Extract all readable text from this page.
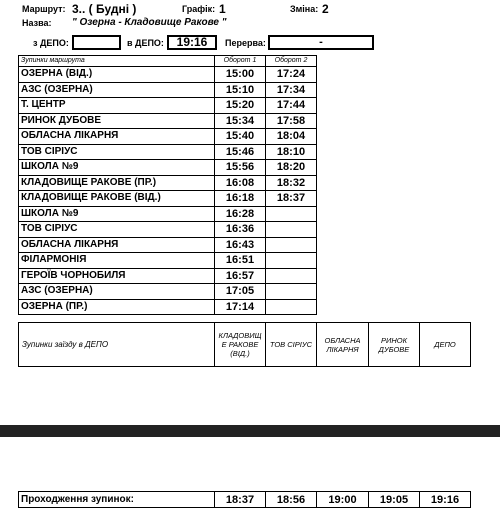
Маршрут: 3.. ( Будні )	Графік: 1	Зміна: 2
Назва: " Озерна - Кладовище Ракове "
з ДЕПО:	в ДЕПО:	19:16	Перерва:	-
Зупинки маршрута	Оборот 1	Оборот 2
ОЗЕРНА (ВІД.)	15:00	17:24
АЗС (ОЗЕРНА)	15:10	17:34
Т. ЦЕНТР	15:20	17:44
РИНОК ДУБОВЕ	15:34	17:58
ОБЛАСНА ЛІКАРНЯ	15:40	18:04
ТОВ СІРІУС	15:46	18:10
ШКОЛА №9	15:56	18:20
КЛАДОВИЩЕ РАКОВЕ (ПР.)	16:08	18:32
КЛАДОВИЩЕ РАКОВЕ (ВІД.)	16:18	18:37
ШКОЛА №9	16:28	
ТОВ СІРІУС	16:36	
ОБЛАСНА ЛІКАРНЯ	16:43	
ФІЛАРМОНІЯ	16:51	
ГЕРОЇВ ЧОРНОБИЛЯ	16:57	
АЗС (ОЗЕРНА)	17:05	
ОЗЕРНА (ПР.)	17:14	
Зупинки заїзду в ДЕПО	КЛАДОВИЩ Е РАКОВЕ (ВІД.)	ТОВ СІРІУС	ОБЛАСНА ЛІКАРНЯ	РИНОК ДУБОВЕ	ДЕПО
Проходження зупинок:	18:37	18:56	19:00	19:05	19:16
